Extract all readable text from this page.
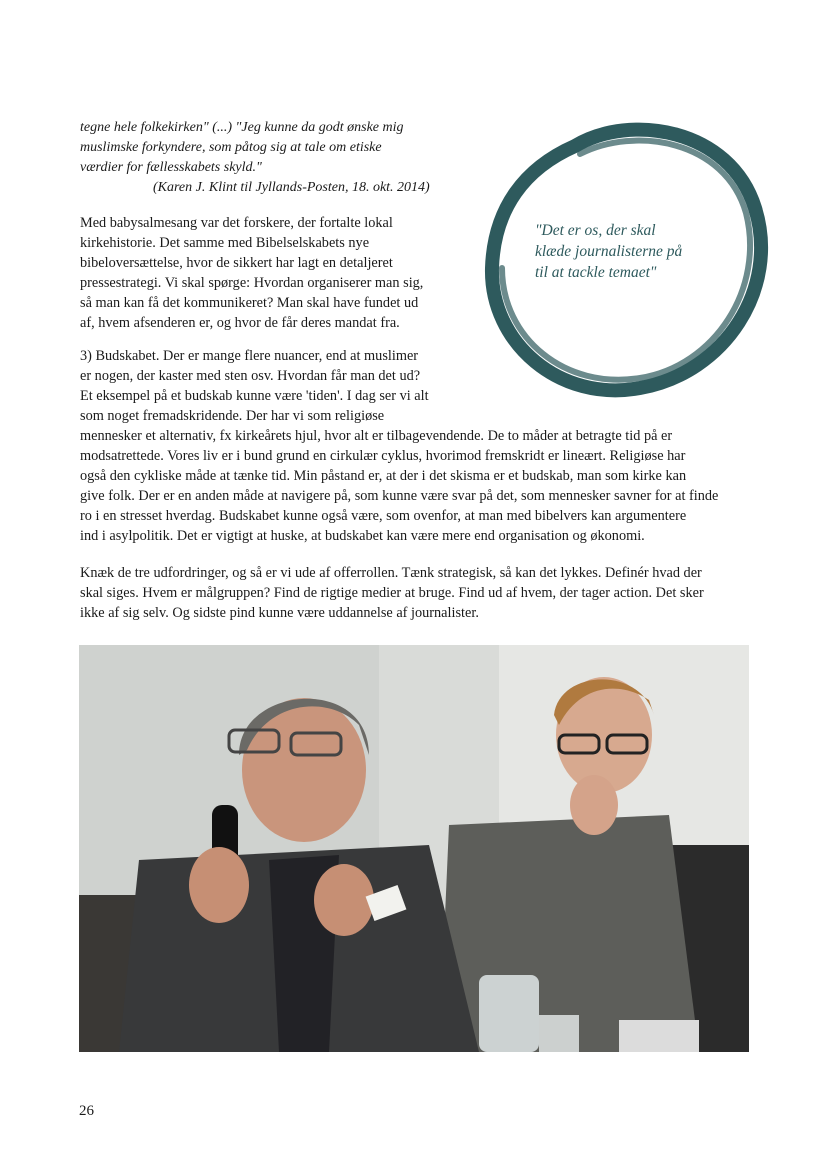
tegne hele folkekirken" (...) "Jeg kunne da godt ønske mig
muslimske forkyndere, som påtog sig at tale om etiske
værdier for fællesskabets skyld."
(Karen J. Klint til Jyllands-Posten, 18. okt. 2014)
Med babysalmesang var det forskere, der fortalte lokal
kirkehistorie. Det samme med Bibelselskabets nye
bibeloversættelse, hvor de sikkert har lagt en detaljeret
pressestrategi. Vi skal spørge: Hvordan organiserer man sig,
så man kan få det kommunikeret? Man skal have fundet ud
af, hvem afsenderen er, og hvor de får deres mandat fra.
3) Budskabet. Der er mange flere nuancer, end at muslimer
er nogen, der kaster med sten osv. Hvordan får man det ud?
Et eksempel på et budskab kunne være 'tiden'. I dag ser vi alt
som noget fremadskridende. Der har vi som religiøse
mennesker et alternativ, fx kirkeårets hjul, hvor alt er tilbagevendende. De to måder at betragte tid på er
modsatrettede. Vores liv er i bund grund en cirkulær cyklus, hvorimod fremskridt er lineært. Religiøse har
også den cykliske måde at tænke tid. Min påstand er, at der i det skisma er et budskab, man som kirke kan
give folk. Der er en anden måde at navigere på, som kunne være svar på det, som mennesker savner for at finde
ro i en stresset hverdag. Budskabet kunne også være, som ovenfor, at man med bibelvers kan argumentere
ind i asylpolitik. Det er vigtigt at huske, at budskabet kan være mere end organisation og økonomi.
Knæk de tre udfordringer, og så er vi ude af offerrollen. Tænk strategisk, så kan det lykkes. Definér hvad der
skal siges. Hvem er målgruppen? Find de rigtige medier at bruge. Find ud af hvem, der tager action. Det sker
ikke af sig selv. Og sidste pind kunne være uddannelse af journalister.
"Det er os, der skal
klæde journalisterne på
til at tackle temaet"
26
